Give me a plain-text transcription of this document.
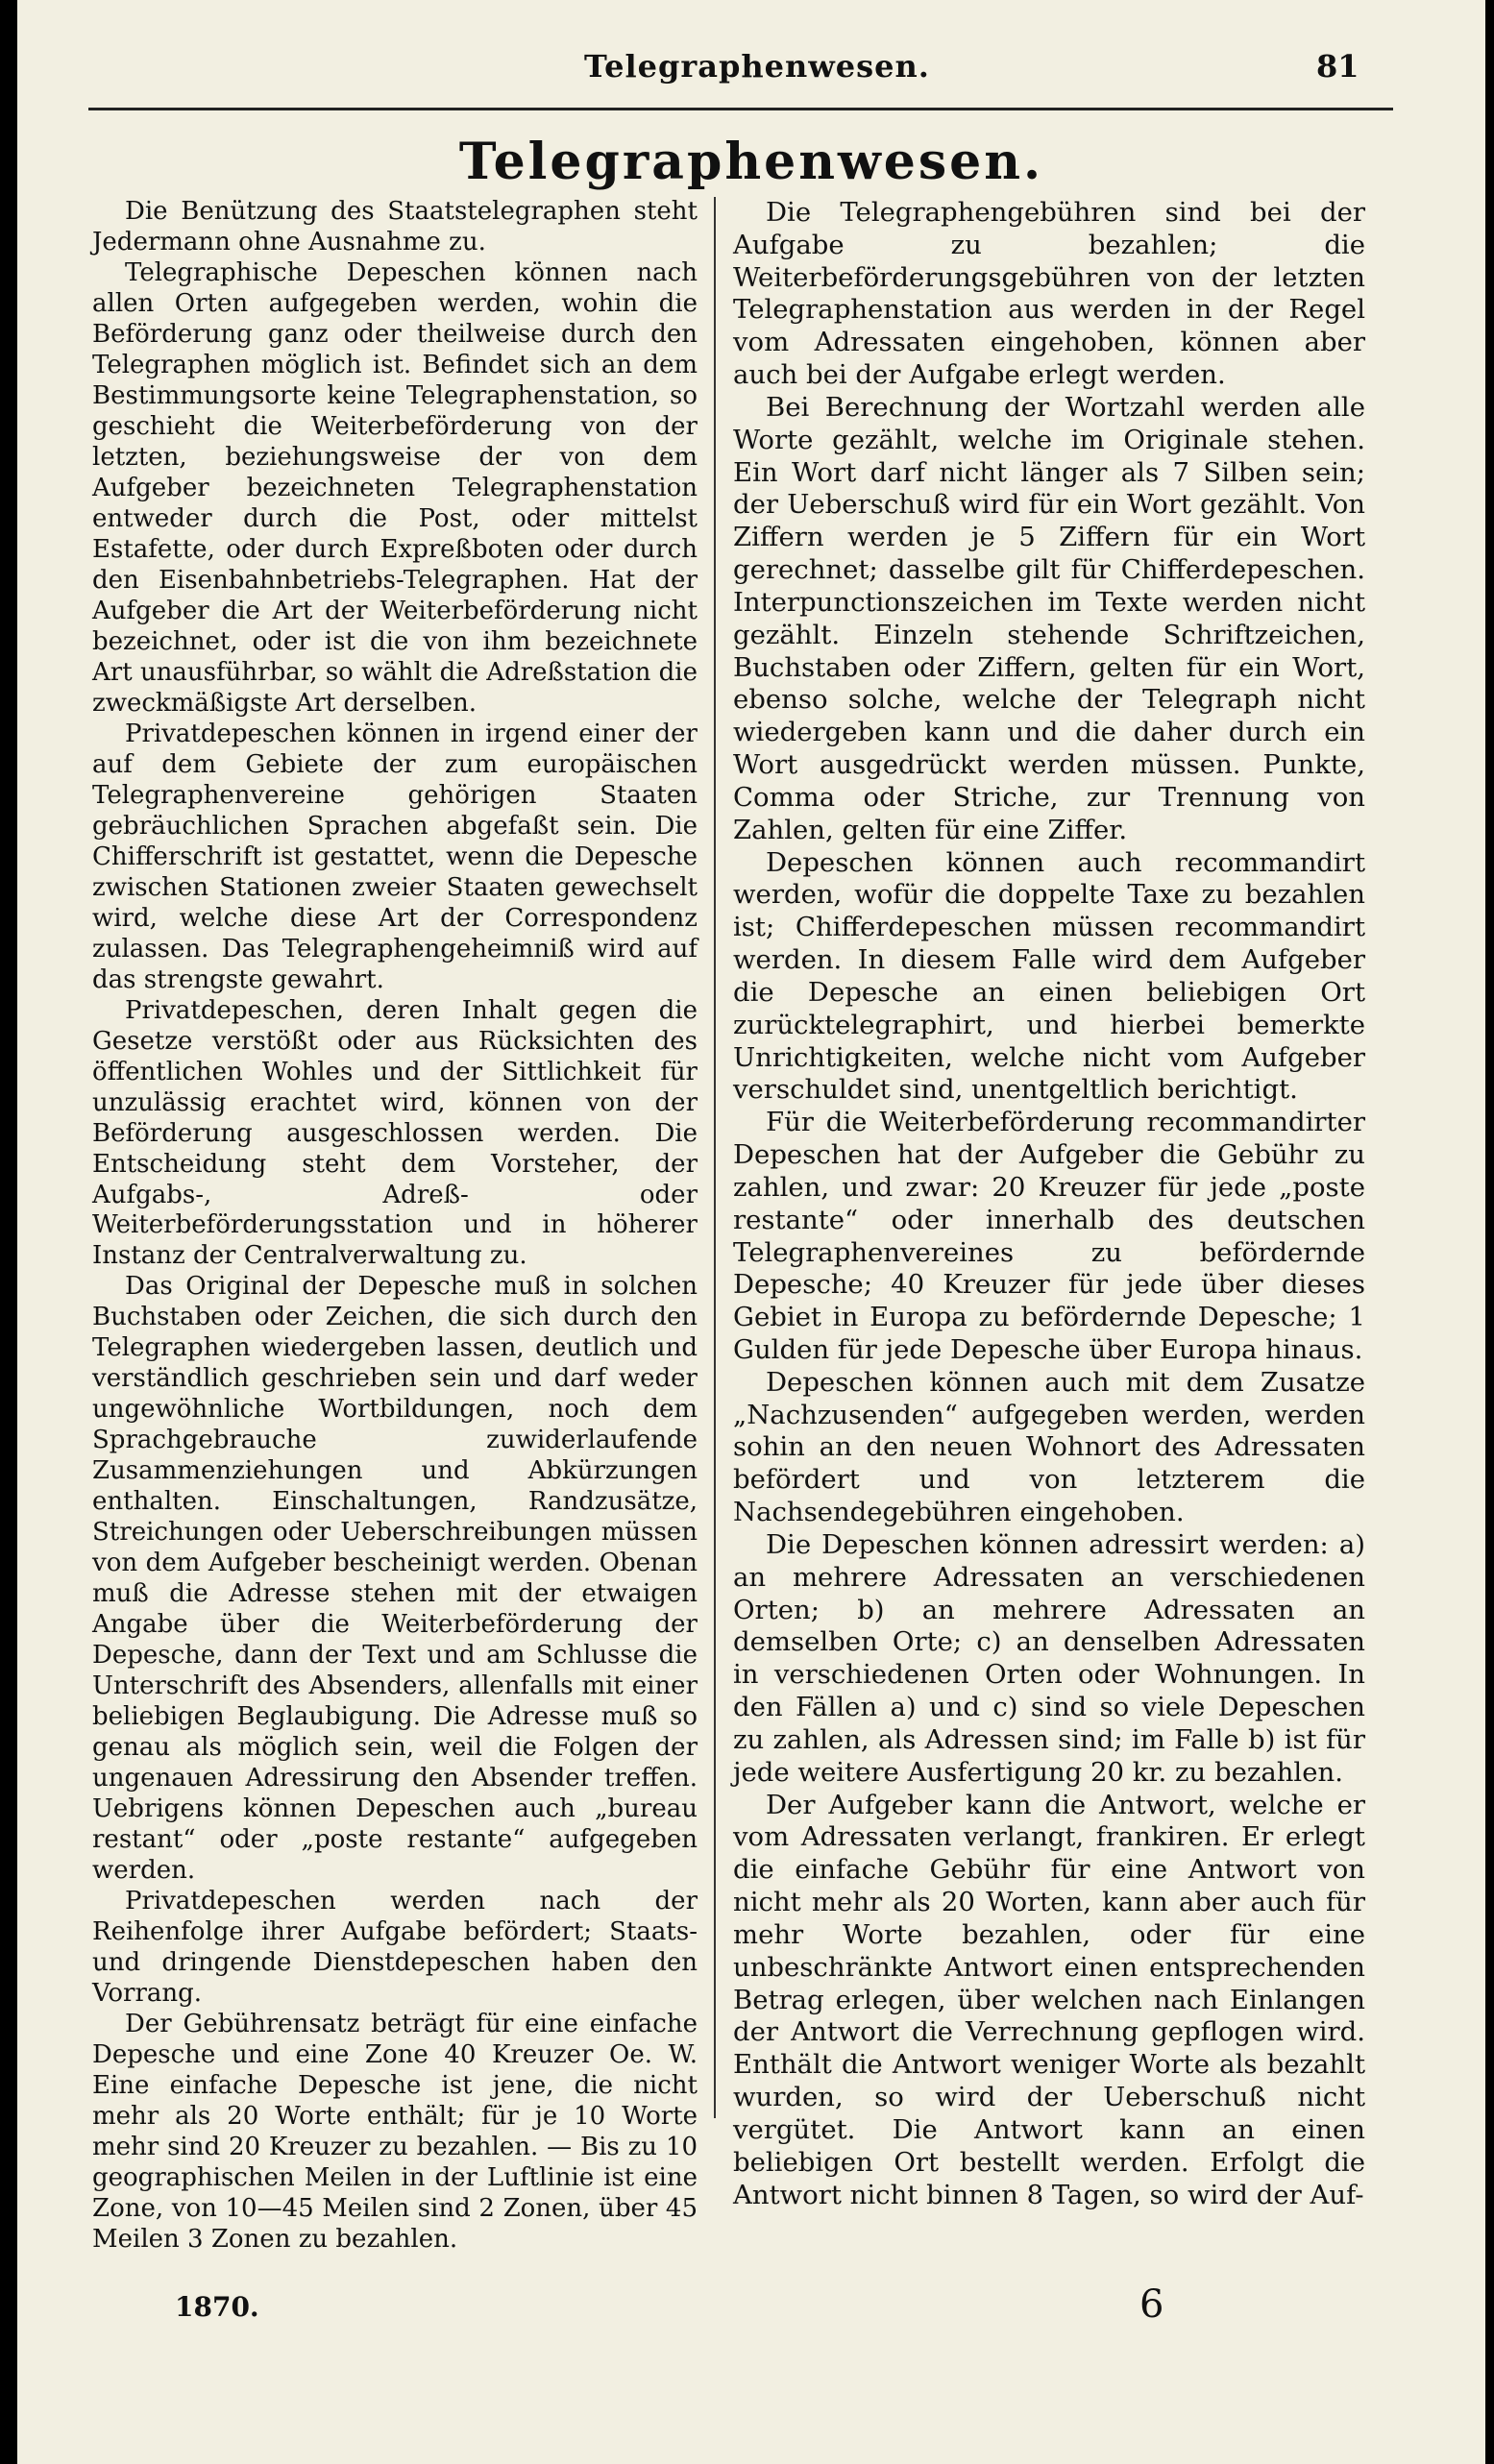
Telegraphenwesen.	81
Telegraphenwesen.

Die Benützung des Staatstelegraphen steht Jedermann ohne Ausnahme zu.

Telegraphische Depeschen können nach allen Orten aufgegeben werden, wohin die Beförderung ganz oder theilweise durch den Telegraphen möglich ist. Befindet sich an dem Bestimmungsorte keine Telegraphenstation, so geschieht die Weiterbeförderung von der letzten, beziehungsweise der von dem Aufgeber bezeichneten Telegraphenstation entweder durch die Post, oder mittelst Estafette, oder durch Expreßboten oder durch den Eisenbahnbetriebs-Telegraphen. Hat der Aufgeber die Art der Weiterbeförderung nicht bezeichnet, oder ist die von ihm bezeichnete Art unausführbar, so wählt die Adreßstation die zweckmäßigste Art derselben.

Privatdepeschen können in irgend einer der auf dem Gebiete der zum europäischen Telegraphenvereine gehörigen Staaten gebräuchlichen Sprachen abgefaßt sein. Die Chifferschrift ist gestattet, wenn die Depesche zwischen Stationen zweier Staaten gewechselt wird, welche diese Art der Correspondenz zulassen. Das Telegraphengeheimniß wird auf das strengste gewahrt.

Privatdepeschen, deren Inhalt gegen die Gesetze verstößt oder aus Rücksichten des öffentlichen Wohles und der Sittlichkeit für unzulässig erachtet wird, können von der Beförderung ausgeschlossen werden. Die Entscheidung steht dem Vorsteher, der Aufgabs-, Adreß- oder Weiterbeförderungsstation und in höherer Instanz der Centralverwaltung zu.

Das Original der Depesche muß in solchen Buchstaben oder Zeichen, die sich durch den Telegraphen wiedergeben lassen, deutlich und verständlich geschrieben sein und darf weder ungewöhnliche Wortbildungen, noch dem Sprachgebrauche zuwiderlaufende Zusammenziehungen und Abkürzungen enthalten. Einschaltungen, Randzusätze, Streichungen oder Ueberschreibungen müssen von dem Aufgeber bescheinigt werden. Obenan muß die Adresse stehen mit der etwaigen Angabe über die Weiterbeförderung der Depesche, dann der Text und am Schlusse die Unterschrift des Absenders, allenfalls mit einer beliebigen Beglaubigung. Die Adresse muß so genau als möglich sein, weil die Folgen der ungenauen Adressirung den Absender treffen. Uebrigens können Depeschen auch „bureau restant“ oder „poste restante“ aufgegeben werden.

Privatdepeschen werden nach der Reihenfolge ihrer Aufgabe befördert; Staats- und dringende Dienstdepeschen haben den Vorrang.

Der Gebührensatz beträgt für eine einfache Depesche und eine Zone 40 Kreuzer Oe. W. Eine einfache Depesche ist jene, die nicht mehr als 20 Worte enthält; für je 10 Worte mehr sind 20 Kreuzer zu bezahlen. — Bis zu 10 geographischen Meilen in der Luftlinie ist eine Zone, von 10—45 Meilen sind 2 Zonen, über 45 Meilen 3 Zonen zu bezahlen.

Die Telegraphengebühren sind bei der Aufgabe zu bezahlen; die Weiterbeförderungsgebühren von der letzten Telegraphenstation aus werden in der Regel vom Adressaten eingehoben, können aber auch bei der Aufgabe erlegt werden.

Bei Berechnung der Wortzahl werden alle Worte gezählt, welche im Originale stehen. Ein Wort darf nicht länger als 7 Silben sein; der Ueberschuß wird für ein Wort gezählt. Von Ziffern werden je 5 Ziffern für ein Wort gerechnet; dasselbe gilt für Chifferdepeschen. Interpunctionszeichen im Texte werden nicht gezählt. Einzeln stehende Schriftzeichen, Buchstaben oder Ziffern, gelten für ein Wort, ebenso solche, welche der Telegraph nicht wiedergeben kann und die daher durch ein Wort ausgedrückt werden müssen. Punkte, Comma oder Striche, zur Trennung von Zahlen, gelten für eine Ziffer.

Depeschen können auch recommandirt werden, wofür die doppelte Taxe zu bezahlen ist; Chifferdepeschen müssen recommandirt werden. In diesem Falle wird dem Aufgeber die Depesche an einen beliebigen Ort zurücktelegraphirt, und hierbei bemerkte Unrichtigkeiten, welche nicht vom Aufgeber verschuldet sind, unentgeltlich berichtigt.

Für die Weiterbeförderung recommandirter Depeschen hat der Aufgeber die Gebühr zu zahlen, und zwar: 20 Kreuzer für jede „poste restante“ oder innerhalb des deutschen Telegraphenvereines zu befördernde Depesche; 40 Kreuzer für jede über dieses Gebiet in Europa zu befördernde Depesche; 1 Gulden für jede Depesche über Europa hinaus.

Depeschen können auch mit dem Zusatze „Nachzusenden“ aufgegeben werden, werden sohin an den neuen Wohnort des Adressaten befördert und von letzterem die Nachsendegebühren eingehoben.

Die Depeschen können adressirt werden: a) an mehrere Adressaten an verschiedenen Orten; b) an mehrere Adressaten an demselben Orte; c) an denselben Adressaten in verschiedenen Orten oder Wohnungen. In den Fällen a) und c) sind so viele Depeschen zu zahlen, als Adressen sind; im Falle b) ist für jede weitere Ausfertigung 20 kr. zu bezahlen.

Der Aufgeber kann die Antwort, welche er vom Adressaten verlangt, frankiren. Er erlegt die einfache Gebühr für eine Antwort von nicht mehr als 20 Worten, kann aber auch für mehr Worte bezahlen, oder für eine unbeschränkte Antwort einen entsprechenden Betrag erlegen, über welchen nach Einlangen der Antwort die Verrechnung gepflogen wird. Enthält die Antwort weniger Worte als bezahlt wurden, so wird der Ueberschuß nicht vergütet. Die Antwort kann an einen beliebigen Ort bestellt werden. Erfolgt die Antwort nicht binnen 8 Tagen, so wird der Auf-

1870.	6
